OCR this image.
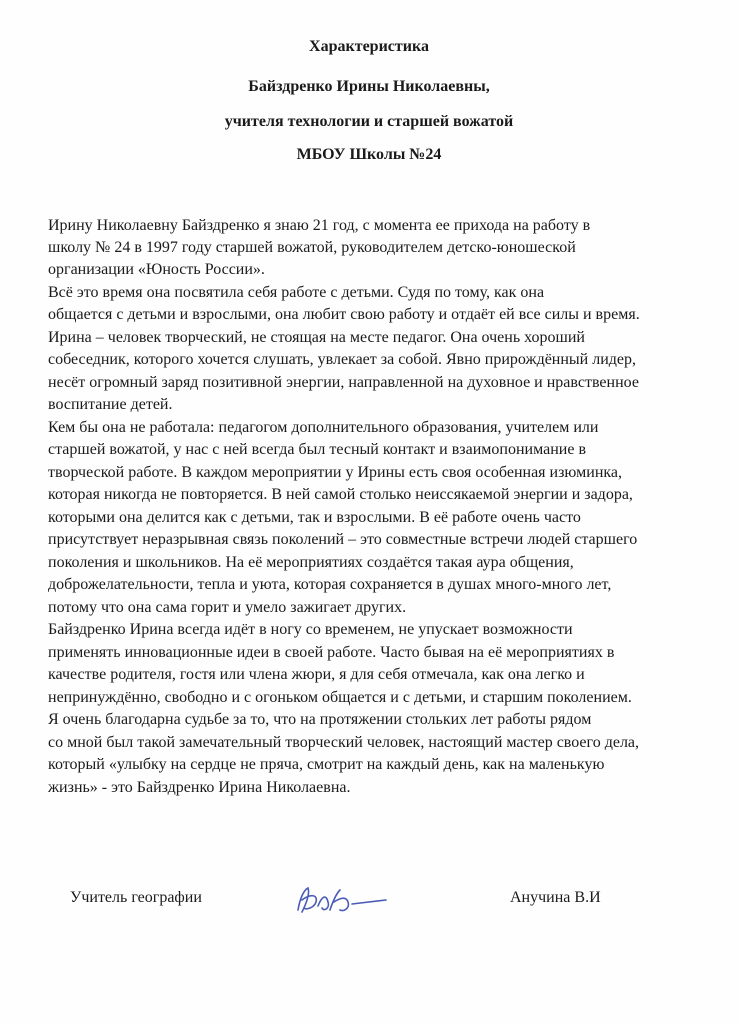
Характеристика
Байздренко Ирины Николаевны,
учителя технологии и старшей вожатой
МБОУ Школы №24
Ирину Николаевну Байздренко я знаю 21 год, с момента ее прихода на работу в
школу № 24 в 1997 году старшей вожатой, руководителем детско-юношеской
организации «Юность России».
Всё это время она посвятила себя работе с детьми. Судя по тому, как она
общается с детьми и взрослыми, она любит свою работу и отдаёт ей все силы и время.
Ирина – человек творческий, не стоящая на месте педагог. Она очень хороший
собеседник, которого хочется слушать, увлекает за собой. Явно прирождённый лидер,
несёт огромный заряд позитивной энергии, направленной на духовное и нравственное
воспитание детей.
Кем бы она не работала: педагогом дополнительного образования, учителем или
старшей вожатой, у нас с ней всегда был тесный контакт и взаимопонимание в
творческой работе. В каждом мероприятии у Ирины есть своя особенная изюминка,
которая никогда не повторяется. В ней самой столько неиссякаемой энергии и задора,
которыми она делится как с детьми, так и взрослыми. В её работе очень часто
присутствует неразрывная связь поколений – это совместные встречи людей старшего
поколения и школьников. На её мероприятиях создаётся такая аура общения,
доброжелательности, тепла и уюта, которая сохраняется в душах много-много лет,
потому что она сама горит и умело зажигает других.
Байздренко Ирина всегда идёт в ногу со временем, не упускает возможности
применять инновационные идеи в своей работе. Часто бывая на её мероприятиях в
качестве родителя, гостя или члена жюри, я для себя отмечала, как она легко и
непринуждённо, свободно и с огоньком общается и с детьми, и старшим поколением.
Я очень благодарна судьбе за то, что на протяжении стольких лет работы рядом
со мной был такой замечательный творческий человек, настоящий мастер своего дела,
который «улыбку на сердце не пряча, смотрит на каждый день, как на маленькую
жизнь» - это Байздренко Ирина Николаевна.
Учитель географии	Анучина В.И
